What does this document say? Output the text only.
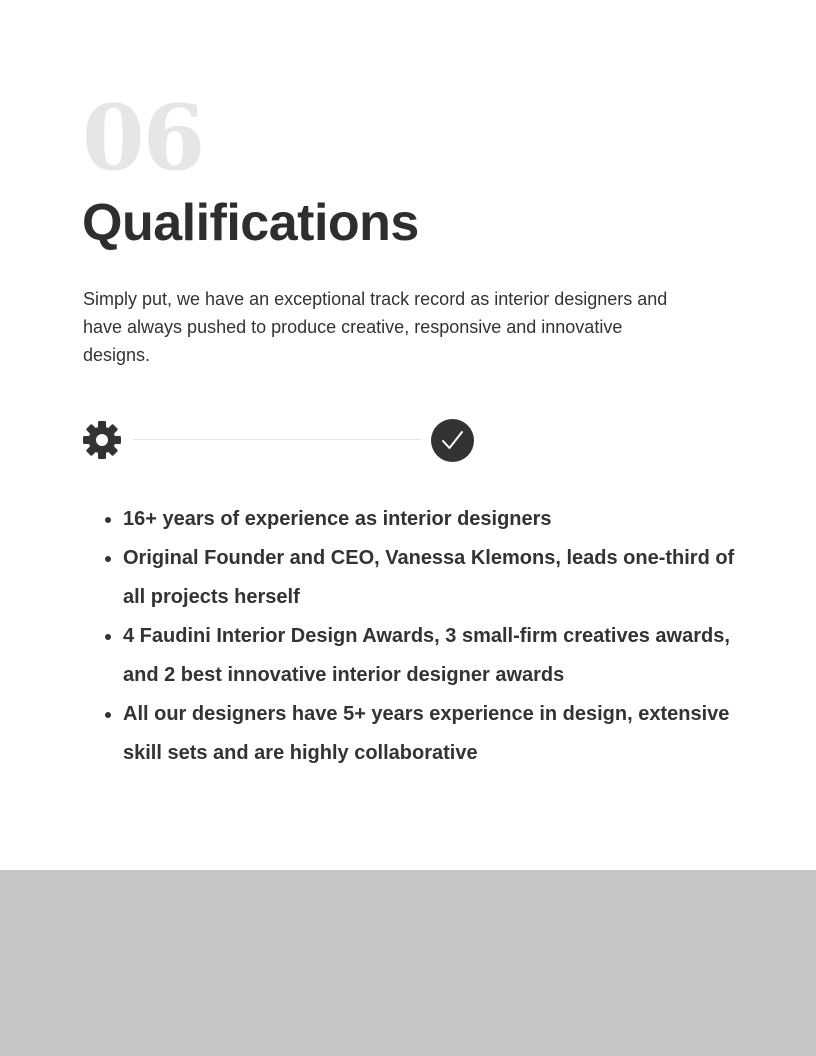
06
Qualifications

Simply put, we have an exceptional track record as interior designers and have always pushed to produce creative, responsive and innovative designs.

• 16+ years of experience as interior designers
• Original Founder and CEO, Vanessa Klemons, leads one-third of all projects herself
• 4 Faudini Interior Design Awards, 3 small-firm creatives awards, and 2 best innovative interior designer awards
• All our designers have 5+ years experience in design, extensive skill sets and are highly collaborative
